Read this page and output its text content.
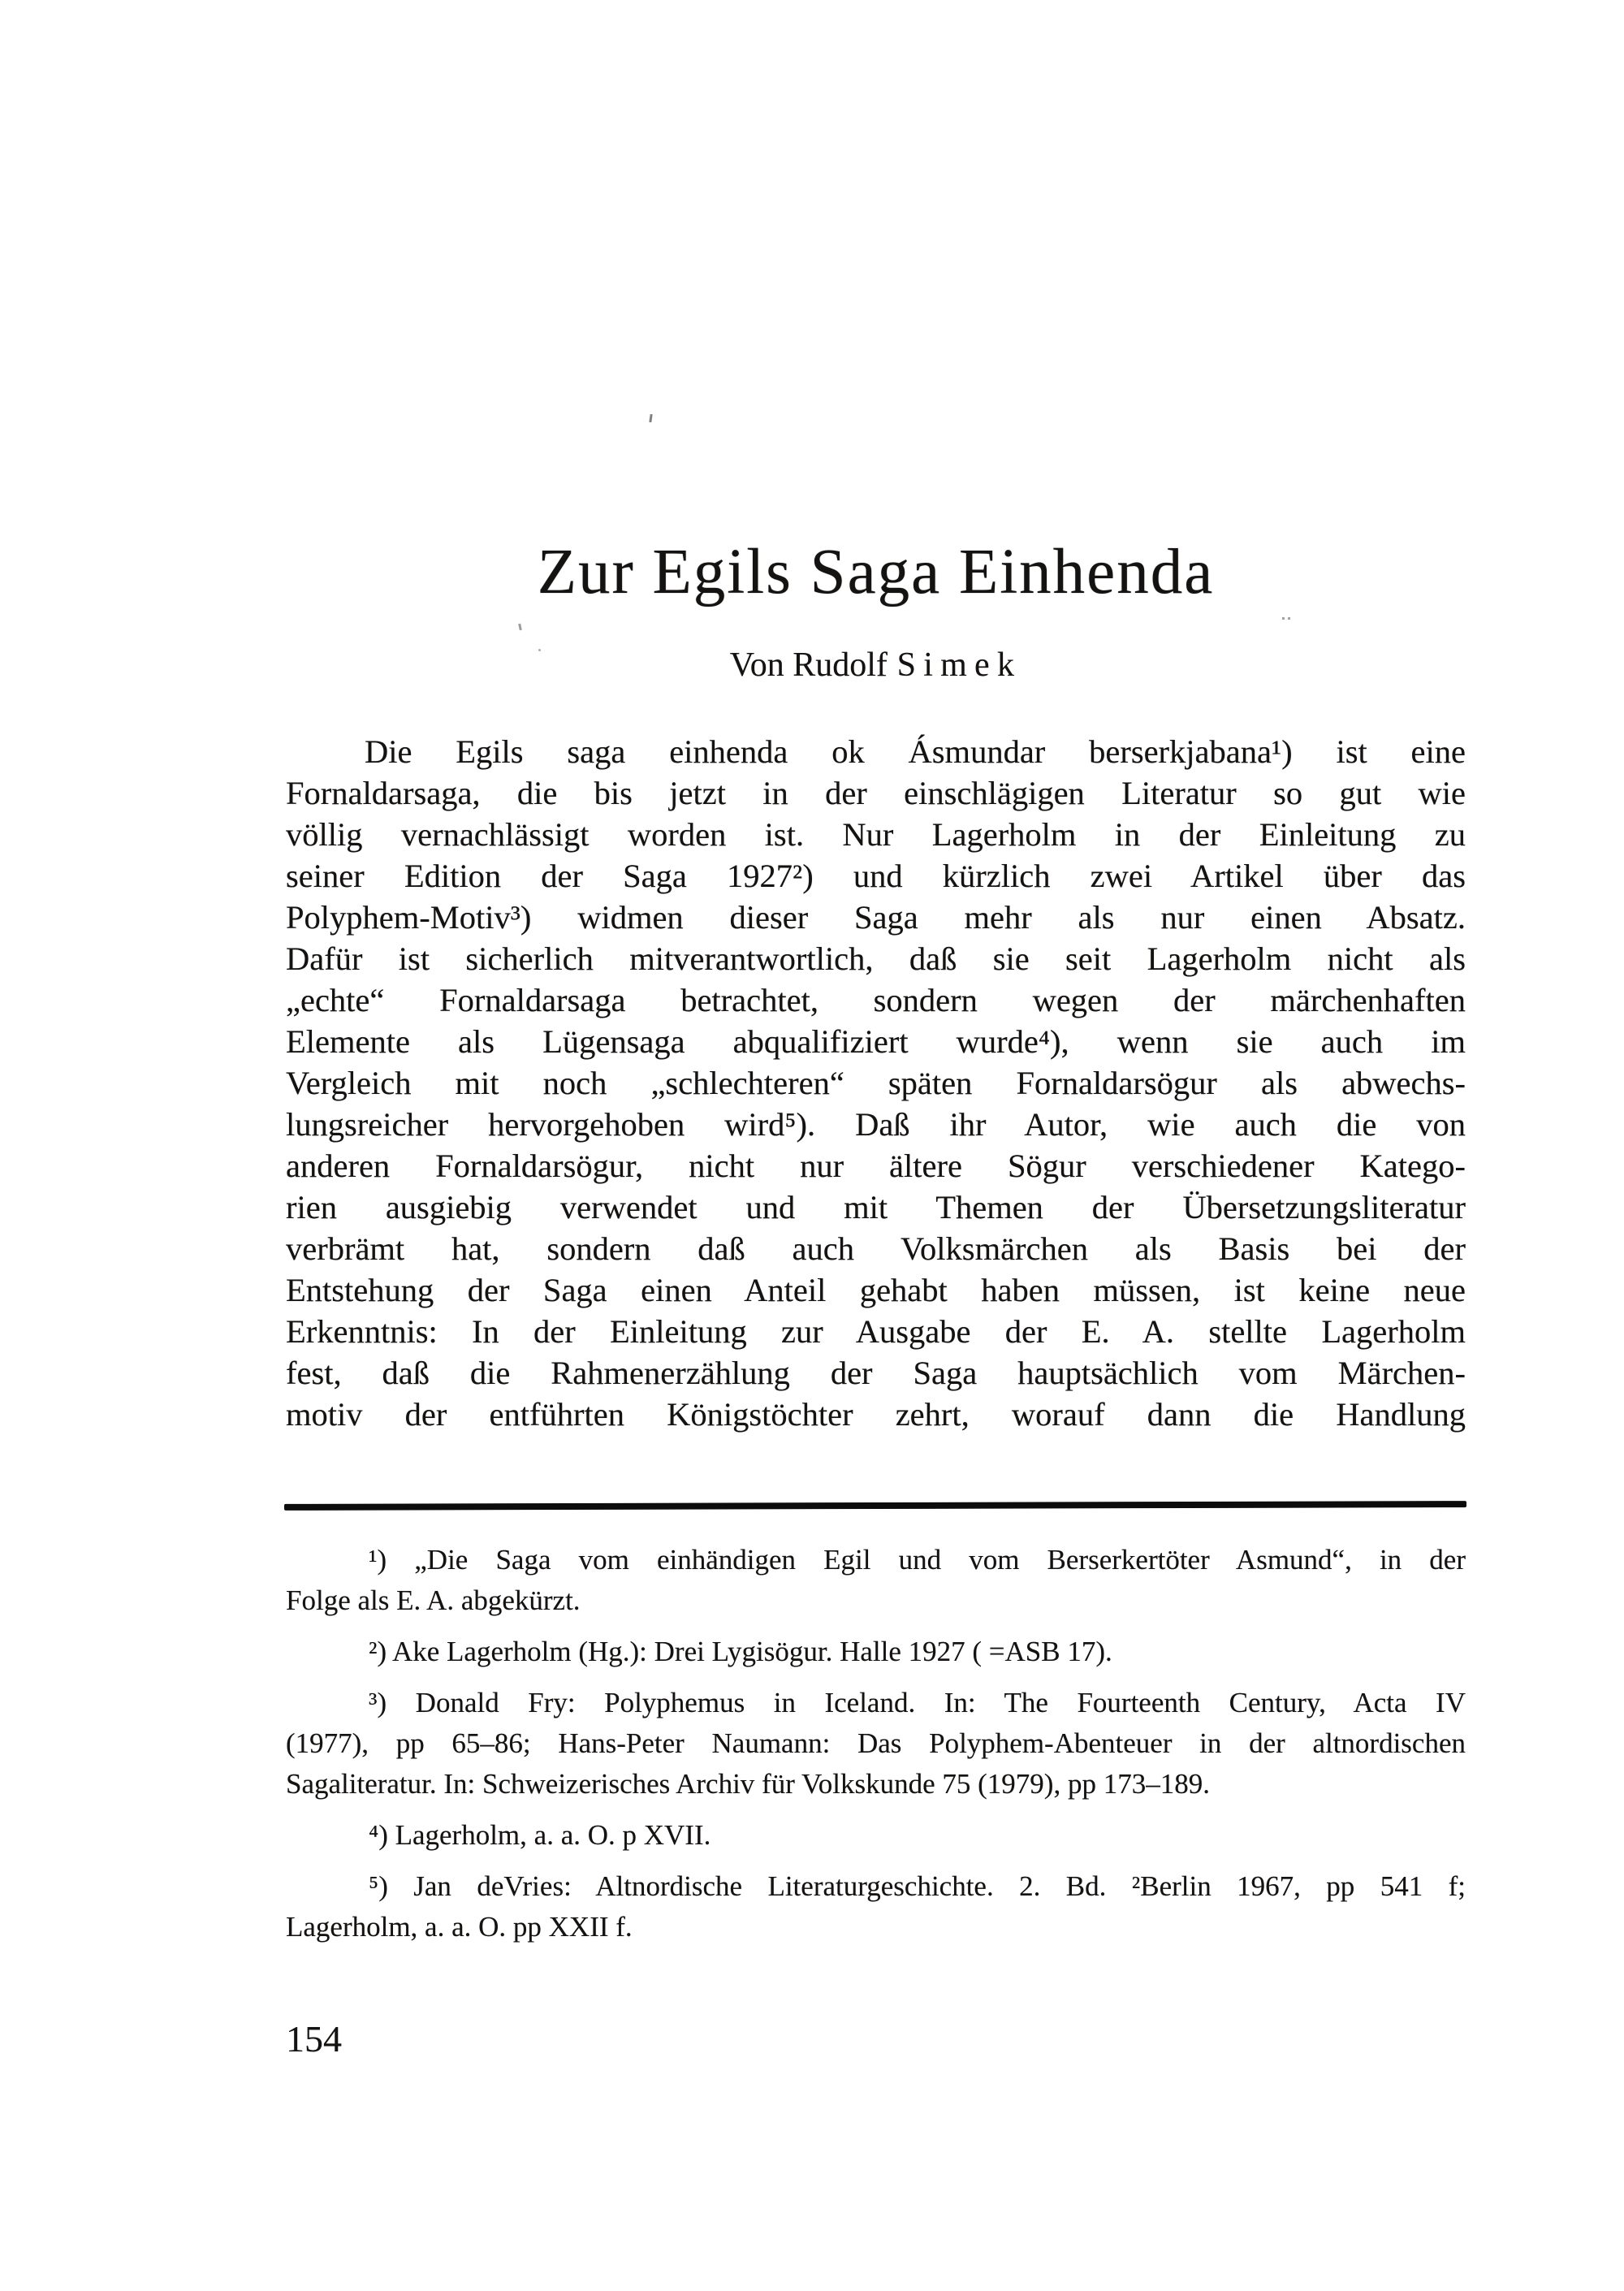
Zur Egils Saga Einhenda
Von Rudolf Simek
Die Egils saga einhenda ok Ásmundar berserkjabana¹) ist eine
Fornaldarsaga, die bis jetzt in der einschlägigen Literatur so gut wie
völlig vernachlässigt worden ist. Nur Lagerholm in der Einleitung zu
seiner Edition der Saga 1927²) und kürzlich zwei Artikel über das
Polyphem-Motiv³) widmen dieser Saga mehr als nur einen Absatz.
Dafür ist sicherlich mitverantwortlich, daß sie seit Lagerholm nicht als
„echte“ Fornaldarsaga betrachtet, sondern wegen der märchenhaften
Elemente als Lügensaga abqualifiziert wurde⁴), wenn sie auch im
Vergleich mit noch „schlechteren“ späten Fornaldarsögur als abwechs-
lungsreicher hervorgehoben wird⁵). Daß ihr Autor, wie auch die von
anderen Fornaldarsögur, nicht nur ältere Sögur verschiedener Katego-
rien ausgiebig verwendet und mit Themen der Übersetzungsliteratur
verbrämt hat, sondern daß auch Volksmärchen als Basis bei der
Entstehung der Saga einen Anteil gehabt haben müssen, ist keine neue
Erkenntnis: In der Einleitung zur Ausgabe der E. A. stellte Lagerholm
fest, daß die Rahmenerzählung der Saga hauptsächlich vom Märchen-
motiv der entführten Königstöchter zehrt, worauf dann die Handlung
¹) „Die Saga vom einhändigen Egil und vom Berserkertöter Asmund“, in der
Folge als E. A. abgekürzt.
²) Ake Lagerholm (Hg.): Drei Lygisögur. Halle 1927 ( =ASB 17).
³) Donald Fry: Polyphemus in Iceland. In: The Fourteenth Century, Acta IV
(1977), pp 65–86; Hans-Peter Naumann: Das Polyphem-Abenteuer in der altnordischen
Sagaliteratur. In: Schweizerisches Archiv für Volkskunde 75 (1979), pp 173–189.
⁴) Lagerholm, a. a. O. p XVII.
⁵) Jan deVries: Altnordische Literaturgeschichte. 2. Bd. ²Berlin 1967, pp 541 f;
Lagerholm, a. a. O. pp XXII f.
154
